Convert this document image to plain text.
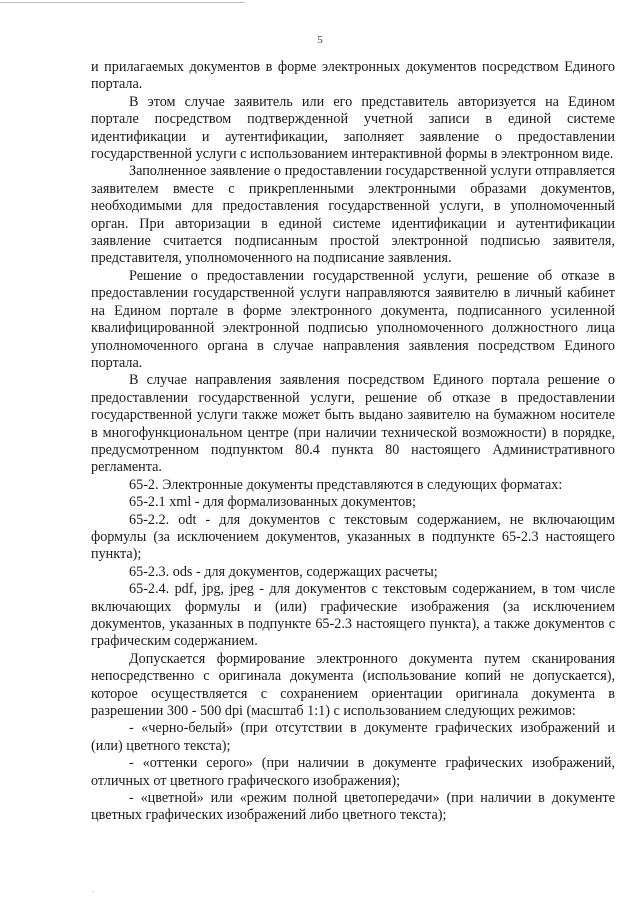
5

и прилагаемых документов в форме электронных документов посредством Единого портала.

В этом случае заявитель или его представитель авторизуется на Едином портале посредством подтвержденной учетной записи в единой системе идентификации и аутентификации, заполняет заявление о предоставлении государственной услуги с использованием интерактивной формы в электронном виде.

Заполненное заявление о предоставлении государственной услуги отправляется заявителем вместе с прикрепленными электронными образами документов, необходимыми для предоставления государственной услуги, в уполномоченный орган. При авторизации в единой системе идентификации и аутентификации заявление считается подписанным простой электронной подписью заявителя, представителя, уполномоченного на подписание заявления.

Решение о предоставлении государственной услуги, решение об отказе в предоставлении государственной услуги направляются заявителю в личный кабинет на Едином портале в форме электронного документа, подписанного усиленной квалифицированной электронной подписью уполномоченного должностного лица уполномоченного органа в случае направления заявления посредством Единого портала.

В случае направления заявления посредством Единого портала решение о предоставлении государственной услуги, решение об отказе в предоставлении государственной услуги также может быть выдано заявителю на бумажном носителе в многофункциональном центре (при наличии технической возможности) в порядке, предусмотренном подпунктом 80.4 пункта 80 настоящего Административного регламента.

65-2. Электронные документы представляются в следующих форматах:

65-2.1 xml - для формализованных документов;

65-2.2. odt - для документов с текстовым содержанием, не включающим формулы (за исключением документов, указанных в подпункте 65-2.3 настоящего пункта);

65-2.3. ods - для документов, содержащих расчеты;

65-2.4. pdf, jpg, jpeg - для документов с текстовым содержанием, в том числе включающих формулы и (или) графические изображения (за исключением документов, указанных в подпункте 65-2.3 настоящего пункта), а также документов с графическим содержанием.

Допускается формирование электронного документа путем сканирования непосредственно с оригинала документа (использование копий не допускается), которое осуществляется с сохранением ориентации оригинала документа в разрешении 300 - 500 dpi (масштаб 1:1) с использованием следующих режимов:

- «черно-белый» (при отсутствии в документе графических изображений и (или) цветного текста);

- «оттенки серого» (при наличии в документе графических изображений, отличных от цветного графического изображения);

- «цветной» или «режим полной цветопередачи» (при наличии в документе цветных графических изображений либо цветного текста);

.
